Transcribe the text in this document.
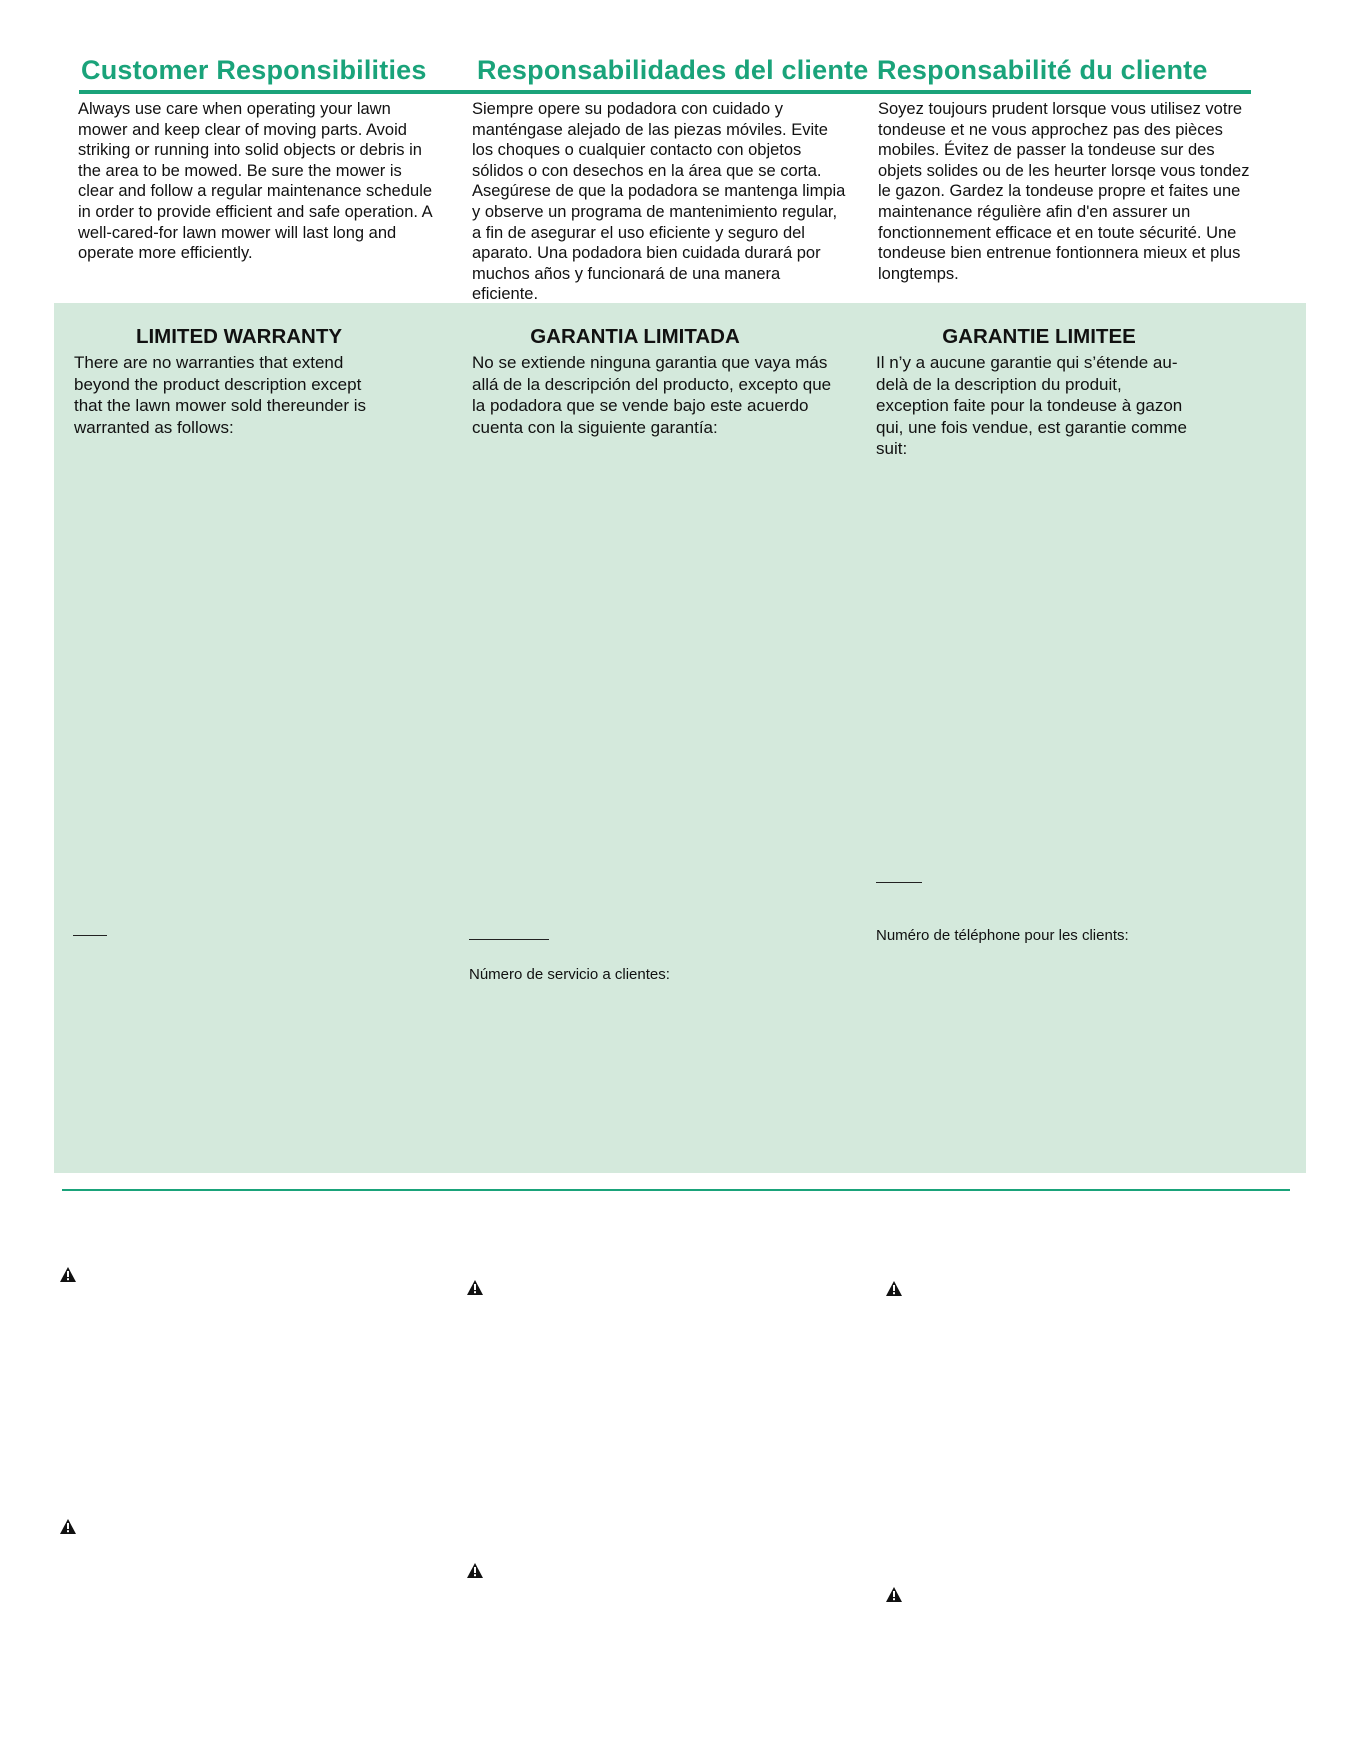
Customer Responsibilities Responsabilidades del cliente Responsabilité du cliente

Always use care when operating your lawn mower and keep clear of moving parts. Avoid striking or running into solid objects or debris in the area to be mowed. Be sure the mower is clear and follow a regular maintenance schedule in order to provide efficient and safe operation. A well-cared-for lawn mower will last long and operate more efficiently.

Siempre opere su podadora con cuidado y manténgase alejado de las piezas móviles. Evite los choques o cualquier contacto con objetos sólidos o con desechos en la área que se corta. Asegúrese de que la podadora se mantenga limpia y observe un programa de mantenimiento regular, a fin de asegurar el uso eficiente y seguro del aparato. Una podadora bien cuidada durará por muchos años y funcionará de una manera eficiente.

Soyez toujours prudent lorsque vous utilisez votre tondeuse et ne vous approchez pas des pièces mobiles. Évitez de passer la tondeuse sur des objets solides ou de les heurter lorsqe vous tondez le gazon. Gardez la tondeuse propre et faites une maintenance régulière afin d'en assurer un fonctionnement efficace et en toute sécurité. Une tondeuse bien entrenue fontionnera mieux et plus longtemps.

LIMITED WARRANTY	GARANTIA LIMITADA	GARANTIE LIMITEE

There are no warranties that extend beyond the product description except that the lawn mower sold thereunder is warranted as follows:

No se extiende ninguna garantia que vaya más allá de la descripción del producto, excepto que la podadora que se vende bajo este acuerdo cuenta con la siguiente garantía:

Il n’y a aucune garantie qui s’étende au-delà de la description du produit, exception faite pour la tondeuse à gazon qui, une fois vendue, est garantie comme suit:

Número de servicio a clientes:

Numéro de téléphone pour les clients:
